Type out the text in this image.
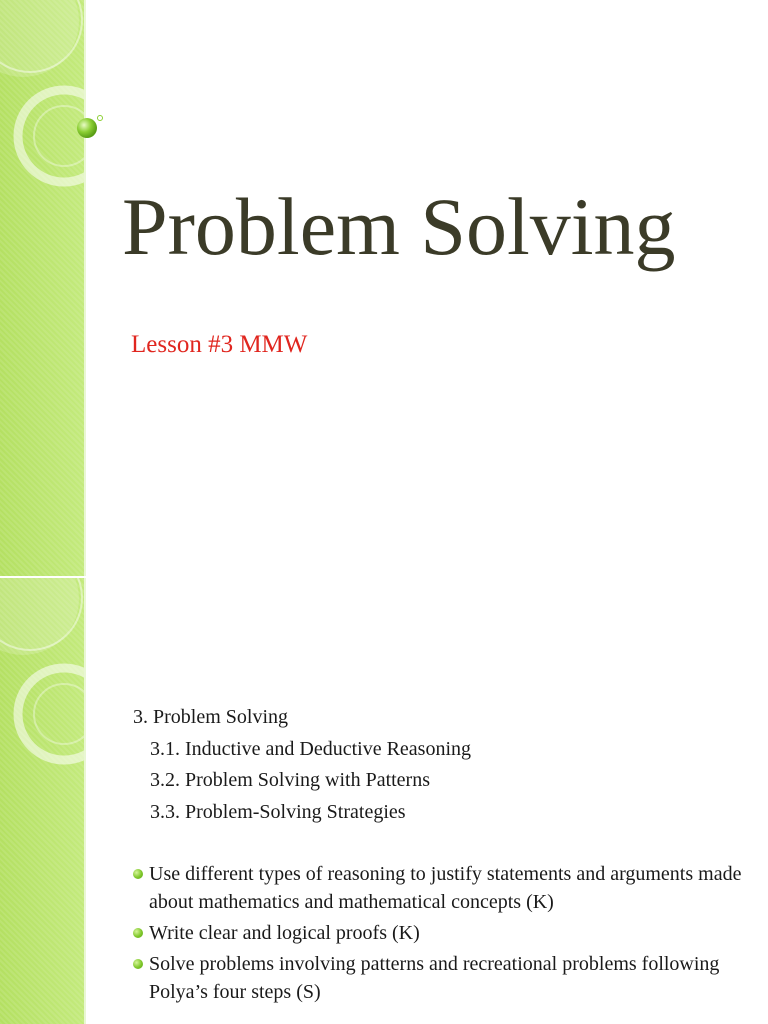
Problem Solving
Lesson #3 MMW
3. Problem Solving
3.1. Inductive and Deductive Reasoning
3.2. Problem Solving with Patterns
3.3. Problem-Solving Strategies
Use different types of reasoning to justify statements and arguments made about mathematics and mathematical concepts (K)
Write clear and logical proofs (K)
Solve problems involving patterns and recreational problems following Polya’s four steps (S)
